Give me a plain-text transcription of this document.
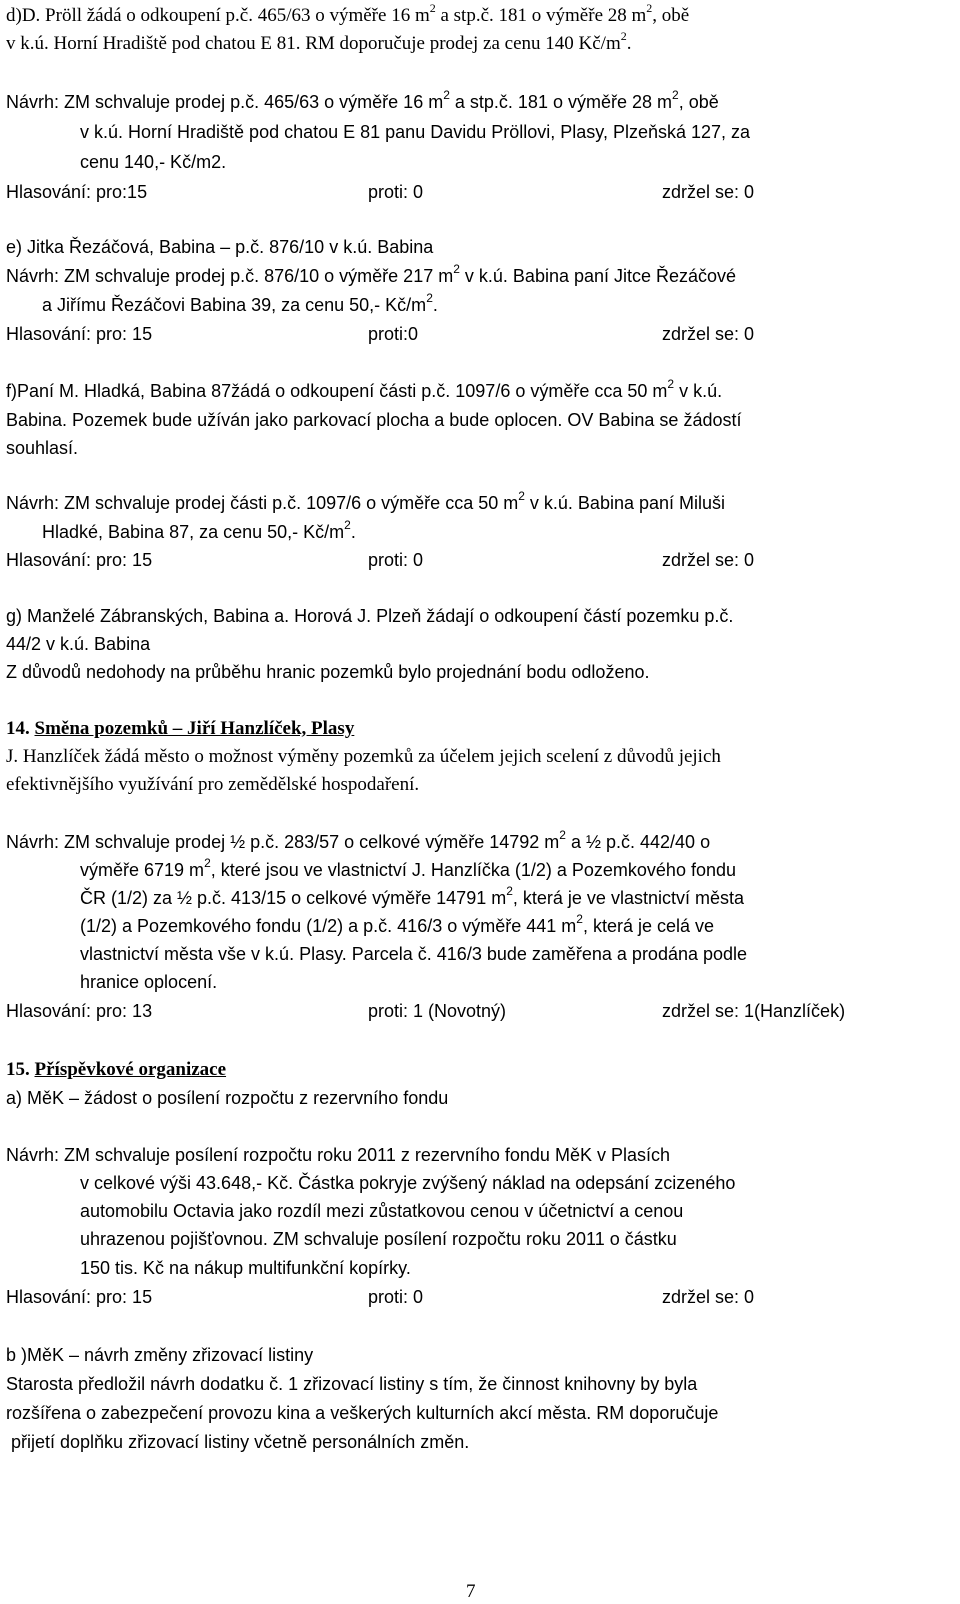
d)D. Pröll žádá o odkoupení p.č. 465/63 o výměře 16 $m^2$ a stp.č. 181 o výměře 28 $m^2$, obě
v k.ú. Horní Hradiště pod chatou E 81. RM doporučuje prodej za cenu 140 $Kč/m^2$.
Návrh: ZM schvaluje prodej p.č. 465/63 o výměře 16 $m^2$ a stp.č. 181 o výměře 28 $m^2$, obě
v k.ú. Horní Hradiště pod chatou E 81 panu Davidu Pröllovi, Plasy, Plzeňská 127, za
cenu 140,- Kč/m2.
Hlasování: pro:15	proti: 0	zdržel se: 0
e) Jitka Řezáčová, Babina – p.č. 876/10 v k.ú. Babina
Návrh: ZM schvaluje prodej p.č. 876/10 o výměře 217 $m^2$ v k.ú. Babina paní Jitce Řezáčové
a Jiřímu Řezáčovi Babina 39, za cenu 50,- $Kč/m^2$.
Hlasování: pro: 15	proti:0	zdržel se: 0
f)Paní M. Hladká, Babina 87žádá o odkoupení části p.č. 1097/6 o výměře cca 50 $m^2$ v k.ú.
Babina. Pozemek bude užíván jako parkovací plocha a bude oplocen. OV Babina se žádostí
souhlasí.
Návrh: ZM schvaluje prodej části p.č. 1097/6 o výměře cca 50 $m^2$ v k.ú. Babina paní Miluši
Hladké, Babina 87, za cenu 50,- $Kč/m^2$.
Hlasování: pro: 15	proti: 0	zdržel se: 0
g) Manželé Zábranských, Babina a. Horová J. Plzeň žádají o odkoupení částí pozemku p.č.
44/2 v k.ú. Babina
Z důvodů nedohody na průběhu hranic pozemků bylo projednání bodu odloženo.
14. Směna pozemků – Jiří Hanzlíček, Plasy
J. Hanzlíček žádá město o možnost výměny pozemků za účelem jejich scelení z důvodů jejich
efektivnějšího využívání pro zemědělské hospodaření.
Návrh: ZM schvaluje prodej ½ p.č. 283/57 o celkové výměře 14792 $m^2$ a ½ p.č. 442/40 o
výměře 6719 $m^2$, které jsou ve vlastnictví J. Hanzlíčka (1/2) a Pozemkového fondu
ČR (1/2) za ½ p.č. 413/15 o celkové výměře 14791 $m^2$, která je ve vlastnictví města
(1/2) a Pozemkového fondu (1/2) a p.č. 416/3 o výměře 441 $m^2$, která je celá ve
vlastnictví města vše v k.ú. Plasy. Parcela č. 416/3 bude zaměřena a prodána podle
hranice oplocení.
Hlasování: pro: 13	proti: 1 (Novotný)	zdržel se: 1(Hanzlíček)
15. Příspěvkové organizace
a) MěK – žádost o posílení rozpočtu z rezervního fondu
Návrh: ZM schvaluje posílení rozpočtu roku 2011 z rezervního fondu MěK v Plasích
v celkové výši 43.648,- Kč. Částka pokryje zvýšený náklad na odepsání zcizeného
automobilu Octavia jako rozdíl mezi zůstatkovou cenou v účetnictví a cenou
uhrazenou pojišťovnou. ZM schvaluje posílení rozpočtu roku 2011 o částku
150 tis. Kč na nákup multifunkční kopírky.
Hlasování: pro: 15	proti: 0	zdržel se: 0
b )MěK – návrh změny zřizovací listiny
Starosta předložil návrh dodatku č. 1 zřizovací listiny s tím, že činnost knihovny by byla
rozšířena o zabezpečení provozu kina a veškerých kulturních akcí města. RM doporučuje
přijetí doplňku zřizovací listiny včetně personálních změn.
7
